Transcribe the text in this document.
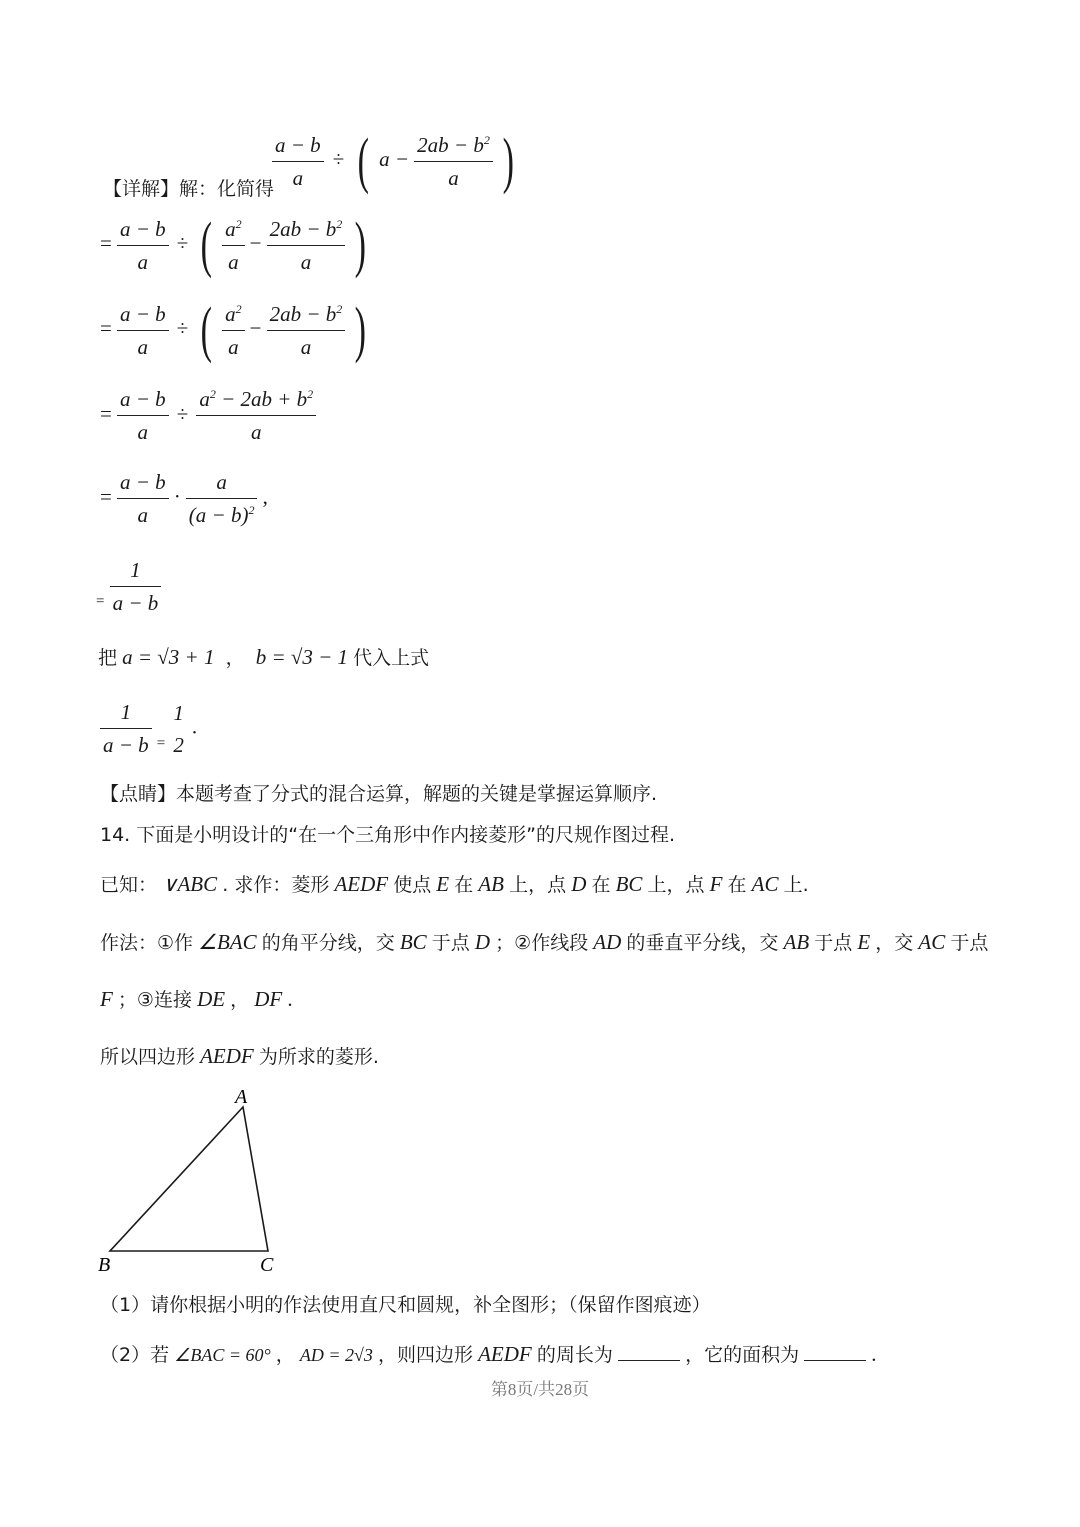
【详解】解：化简得
$\frac{a - b}{a}$ ÷ ( $a - \frac{2ab - b^2}{a}$ )
= $\frac{a - b}{a}$ ÷ ( $\frac{a^2}{a} - \frac{2ab - b^2}{a}$ )
= $\frac{a - b}{a}$ ÷ ( $\frac{a^2}{a} - \frac{2ab - b^2}{a}$ )
= $\frac{a - b}{a} \div \frac{a^2 - 2ab + b^2}{a}$
= $\frac{a - b}{a} \cdot \frac{a}{(a - b)^2}$ ,
= $\frac{1}{a - b}$
把 a = √3 + 1 ， b = √3 − 1 代入上式
$\frac{1}{a - b}$ =
1
2
.
【点睛】本题考查了分式的混合运算，解题的关键是掌握运算顺序.
14. 下面是小明设计的“在一个三角形中作内接菱形”的尺规作图过程.
已知： ∨ABC . 求作：菱形 AEDF 使点 E 在 AB 上，点 D 在 BC 上，点 F 在 AC 上.
作法：①作 ∠BAC 的角平分线，交 BC 于点 D ；②作线段 AD 的垂直平分线，交 AB 于点 E ，交 AC 于点
F ；③连接 DE ， DF .
所以四边形 AEDF 为所求的菱形.
A
B	C
（1）请你根据小明的作法使用直尺和圆规，补全图形；（保留作图痕迹）
（2）若 ∠BAC = 60° ， AD = 2√3 ，则四边形 AEDF 的周长为	，它的面积为	.
第8页/共28页
